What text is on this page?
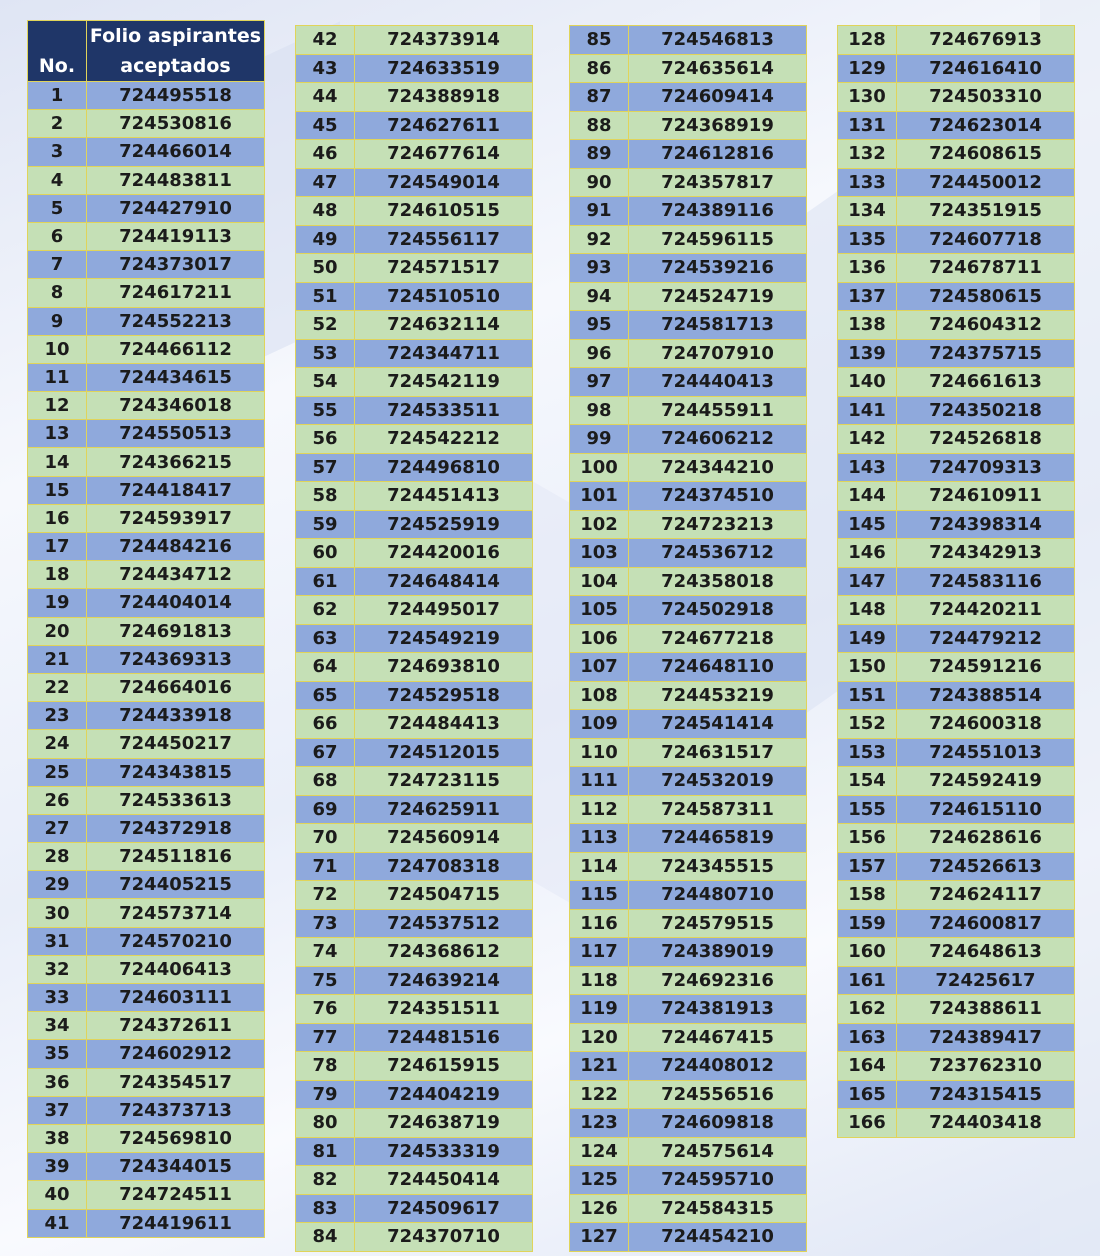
No.	Folio aspirantes aceptados
1	724495518
2	724530816
3	724466014
4	724483811
5	724427910
6	724419113
7	724373017
8	724617211
9	724552213
10	724466112
11	724434615
12	724346018
13	724550513
14	724366215
15	724418417
16	724593917
17	724484216
18	724434712
19	724404014
20	724691813
21	724369313
22	724664016
23	724433918
24	724450217
25	724343815
26	724533613
27	724372918
28	724511816
29	724405215
30	724573714
31	724570210
32	724406413
33	724603111
34	724372611
35	724602912
36	724354517
37	724373713
38	724569810
39	724344015
40	724724511
41	724419611
42	724373914
43	724633519
44	724388918
45	724627611
46	724677614
47	724549014
48	724610515
49	724556117
50	724571517
51	724510510
52	724632114
53	724344711
54	724542119
55	724533511
56	724542212
57	724496810
58	724451413
59	724525919
60	724420016
61	724648414
62	724495017
63	724549219
64	724693810
65	724529518
66	724484413
67	724512015
68	724723115
69	724625911
70	724560914
71	724708318
72	724504715
73	724537512
74	724368612
75	724639214
76	724351511
77	724481516
78	724615915
79	724404219
80	724638719
81	724533319
82	724450414
83	724509617
84	724370710
85	724546813
86	724635614
87	724609414
88	724368919
89	724612816
90	724357817
91	724389116
92	724596115
93	724539216
94	724524719
95	724581713
96	724707910
97	724440413
98	724455911
99	724606212
100	724344210
101	724374510
102	724723213
103	724536712
104	724358018
105	724502918
106	724677218
107	724648110
108	724453219
109	724541414
110	724631517
111	724532019
112	724587311
113	724465819
114	724345515
115	724480710
116	724579515
117	724389019
118	724692316
119	724381913
120	724467415
121	724408012
122	724556516
123	724609818
124	724575614
125	724595710
126	724584315
127	724454210
128	724676913
129	724616410
130	724503310
131	724623014
132	724608615
133	724450012
134	724351915
135	724607718
136	724678711
137	724580615
138	724604312
139	724375715
140	724661613
141	724350218
142	724526818
143	724709313
144	724610911
145	724398314
146	724342913
147	724583116
148	724420211
149	724479212
150	724591216
151	724388514
152	724600318
153	724551013
154	724592419
155	724615110
156	724628616
157	724526613
158	724624117
159	724600817
160	724648613
161	72425617
162	724388611
163	724389417
164	723762310
165	724315415
166	724403418
